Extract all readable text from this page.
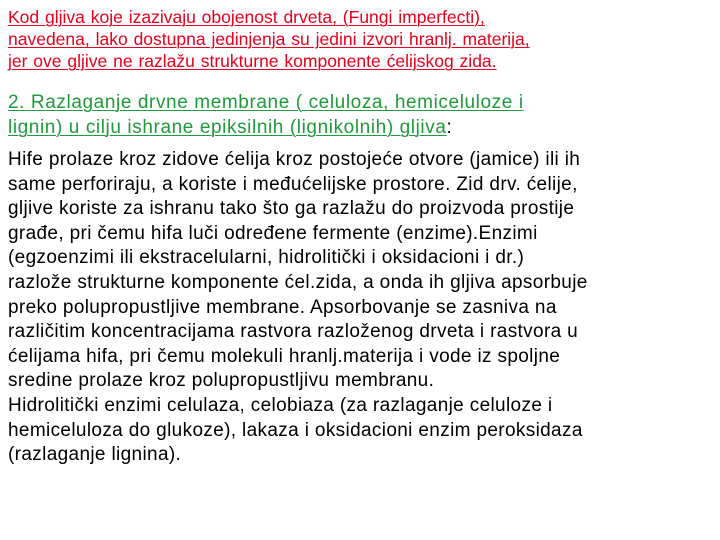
Kod gljiva koje izazivaju obojenost drveta, (Fungi imperfecti),
navedena, lako dostupna jedinjenja su jedini izvori hranlj. materija,
jer ove gljive ne razlažu strukturne komponente ćelijskog zida.

2. Razlaganje drvne membrane ( celuloza, hemiceluloze i
lignin) u cilju ishrane epiksilnih (lignikolnih) gljiva:

Hife prolaze kroz zidove ćelija kroz postojeće otvore (jamice) ili ih
same perforiraju, a koriste i međućelijske prostore. Zid drv. ćelije,
gljive koriste za ishranu tako što ga razlažu do proizvoda prostije
građe, pri čemu hifa luči određene fermente (enzime).Enzimi
(egzoenzimi ili ekstracelularni, hidrolitički i oksidacioni i dr.)
razlože strukturne komponente ćel.zida, a onda ih gljiva apsorbuje
preko polupropustljive membrane. Apsorbovanje se zasniva na
različitim koncentracijama rastvora razloženog drveta i rastvora u
ćelijama hifa, pri čemu molekuli hranlj.materija i vode iz spoljne
sredine prolaze kroz polupropustljivu membranu.
Hidrolitički enzimi celulaza, celobiaza (za razlaganje celuloze i
hemiceluloza do glukoze), lakaza i oksidacioni enzim peroksidaza
(razlaganje lignina).
